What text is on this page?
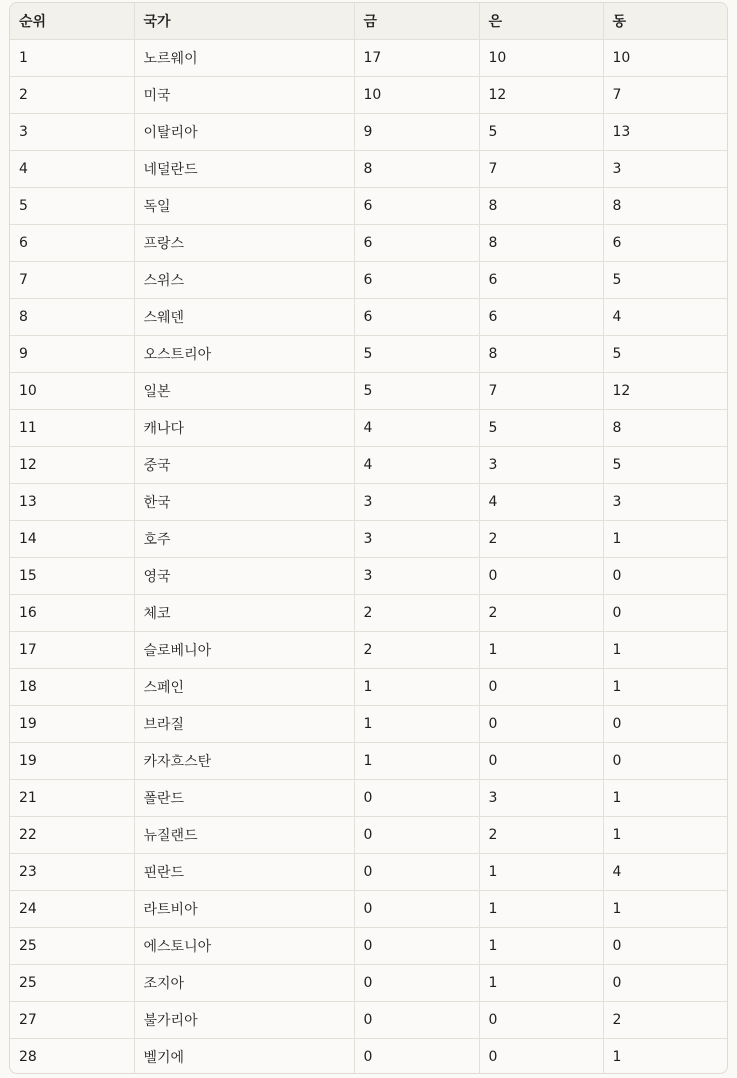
순위	국가	금	은	동
1	노르웨이	17	10	10
2	미국	10	12	7
3	이탈리아	9	5	13
4	네덜란드	8	7	3
5	독일	6	8	8
6	프랑스	6	8	6
7	스위스	6	6	5
8	스웨덴	6	6	4
9	오스트리아	5	8	5
10	일본	5	7	12
11	캐나다	4	5	8
12	중국	4	3	5
13	한국	3	4	3
14	호주	3	2	1
15	영국	3	0	0
16	체코	2	2	0
17	슬로베니아	2	1	1
18	스페인	1	0	1
19	브라질	1	0	0
19	카자흐스탄	1	0	0
21	폴란드	0	3	1
22	뉴질랜드	0	2	1
23	핀란드	0	1	4
24	라트비아	0	1	1
25	에스토니아	0	1	0
25	조지아	0	1	0
27	불가리아	0	0	2
28	벨기에	0	0	1
